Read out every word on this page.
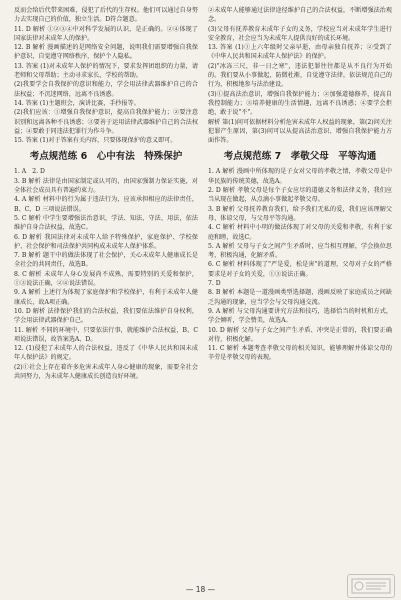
反而会给后代带来困难，侵犯了后代的生存权。他们可以通过自身努力去实现自己的价值，独立生活。D符合题意。

11. D 解析 ①②③④中对科学发展的认识，是正确的。②④体现了国家法律对未成年人的保护。

12. B 解析 漫画描述的是网络安全问题，说明我们需要增强自我保护意识，自觉遵守网络秩序，保护个人隐私。

13. 答案 (1)对未成年人保护的情况下，要求发挥团组织的力量，请老师和父母帮助；主动寻求家长、学校的帮助。

(2)我要学会自我保护的意识和能力，学会用法律武器维护自己的合法权益；不沉迷网络，远离不良诱惑。

14. 答案 (1)主题班会，演讲比赛，手抄报等。

(2)我们应该：①增强自我保护意识，提高自我保护能力；②要注意识别和远离各种不良诱惑；③要善于运用法律武器维护自己的合法权益；④要敢于同违法犯罪行为作斗争。

15. 答案 (1)对于答案有关内容，只要体现保护的意义即可。

考点规范练 6　心中有法　特殊保护

1. A　2. D

3. B 解析 法律是由国家制定或认可的，由国家强制力保证实施，对全体社会成员具有普遍约束力。

4. A 解析 材料中的行为属于违法行为，应该承担相应的法律责任，B、C、D 三项说法错误。

5. C 解析 中学生要增强法治意识，学法、知法、守法、用法，依法维护自身合法权益，故选C。

6. D 解析 我国法律对未成年人给予特殊保护，家庭保护、学校保护、社会保护和司法保护共同构成未成年人保护体系。

7. B 解析 题干中的做法体现了社会保护，关心未成年人健康成长是全社会的共同责任，故选B。

8. C 解析 未成年人身心发展尚不成熟，需要特别的关爱和保护，①③说法正确，②④说法错误。

9. A 解析 上述行为体现了家庭保护和学校保护，有利于未成年人健康成长，故A项正确。

10. D 解析 法律保护我们的合法权益，我们要依法维护自身权利，学会用法律武器保护自己。

11. 解析 不同的环境中，只要依法行事，就能维护合法权益，B、C 项说法错误，故答案选A、D。

12. (1)侵犯了未成年人的合法权益，违反了《中华人民共和国未成年人保护法》的规定。

(2)①社会上存在着许多危害未成年人身心健康的现象，需要全社会共同努力，为未成年人健康成长创造良好环境。

②未成年人能够通过法律途径维护自己的合法权益，不断增强法治观念。

(3)父母有抚养教育未成年子女的义务，学校应当对未成年学生进行安全教育，社会应当为未成年人提供良好的成长环境。

13. 答案 (1)①上六年级时父亲早逝，由母亲独自抚养；②受到了《中华人民共和国未成年人保护法》的保护。

(2)"冰冻三尺，非一日之寒"，违法犯罪往往都是从不良行为开始的。我们要从小事做起，防微杜渐，自觉遵守法律，依法规范自己的行为，积极地参与法治建设。

(3)①提高法治意识，增强自我保护能力；②加强道德修养，提高自我控制能力；③培养健康的生活情趣，远离不良诱惑；④要学会拒绝，敢于说"不"。

解析 第(1)问可依据材料分析危害未成年人权益的现象，第(2)问关注犯罪产生原因，第(3)问可以从提高法治意识、增强自我保护能力方面作答。

考点规范练 7　孝敬父母　平等沟通

1. A 解析 漫画中所体现的是子女对父母的孝敬之情，孝敬父母是中华民族的传统美德，故选A。

2. D 解析 孝敬父母是每个子女应尽的道德义务和法律义务，我们应当从现在做起，从点滴小事做起孝敬父母。

3. B 解析 父母抚养教育我们，给予我们无私的爱，我们应该理解父母，体谅父母，与父母平等沟通。

4. C 解析 材料中小明的做法体现了对父母的关爱和孝敬，有利于家庭和睦，故选C。

5. A 解析 父母与子女之间产生矛盾时，应当相互理解，学会换位思考，积极沟通，化解矛盾。

6. C 解析 材料体现了"严是爱，松是害"的道理，父母对子女的严格要求是对子女的关爱，①③说法正确。

7. D

8. B 解析 本题是一道漫画类型选择题，漫画反映了家庭成员之间缺乏沟通的现象，应当学会与父母沟通交流。

9. A 解析 与父母沟通要讲究方法和技巧，选择恰当的时机和方式，学会倾听，学会赞美，故选A。

10. D 解析 父母与子女之间产生矛盾、冲突是正常的，我们要正确对待，积极化解。

11. C 解析 本题考查孝敬父母的相关知识，能够理解并体谅父母的辛劳是孝敬父母的表现。

— 18 —
